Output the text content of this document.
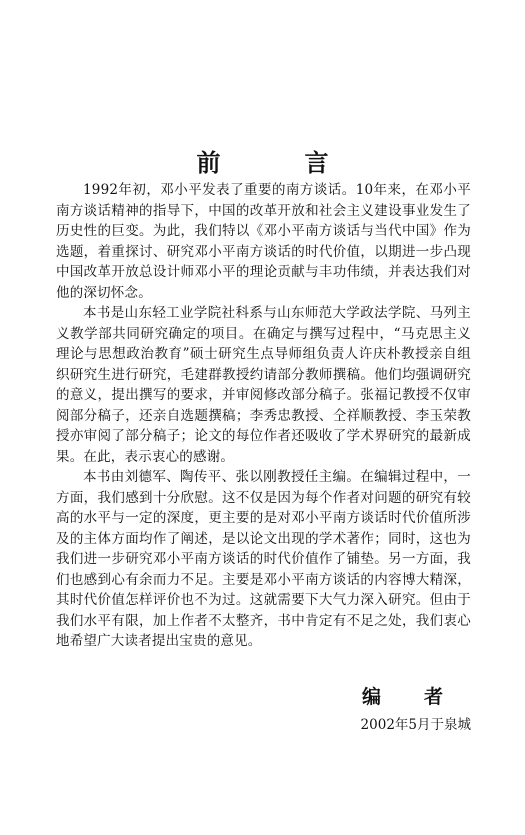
前　言

1992年初，邓小平发表了重要的南方谈话。10年来，在邓小平南方谈话精神的指导下，中国的改革开放和社会主义建设事业发生了历史性的巨变。为此，我们特以《邓小平南方谈话与当代中国》作为选题，着重探讨、研究邓小平南方谈话的时代价值，以期进一步凸现中国改革开放总设计师邓小平的理论贡献与丰功伟绩，并表达我们对他的深切怀念。

本书是山东轻工业学院社科系与山东师范大学政法学院、马列主义教学部共同研究确定的项目。在确定与撰写过程中，“马克思主义理论与思想政治教育”硕士研究生点导师组负责人许庆朴教授亲自组织研究生进行研究，毛建群教授约请部分教师撰稿。他们均强调研究的意义，提出撰写的要求，并审阅修改部分稿子。张福记教授不仅审阅部分稿子，还亲自选题撰稿；李秀忠教授、仝祥顺教授、李玉荣教授亦审阅了部分稿子；论文的每位作者还吸收了学术界研究的最新成果。在此，表示衷心的感谢。

本书由刘德军、陶传平、张以刚教授任主编。在编辑过程中，一方面，我们感到十分欣慰。这不仅是因为每个作者对问题的研究有较高的水平与一定的深度，更主要的是对邓小平南方谈话时代价值所涉及的主体方面均作了阐述，是以论文出现的学术著作；同时，这也为我们进一步研究邓小平南方谈话的时代价值作了铺垫。另一方面，我们也感到心有余而力不足。主要是邓小平南方谈话的内容博大精深，其时代价值怎样评价也不为过。这就需要下大气力深入研究。但由于我们水平有限，加上作者不太整齐，书中肯定有不足之处，我们衷心地希望广大读者提出宝贵的意见。

编　者

2002年5月于泉城
